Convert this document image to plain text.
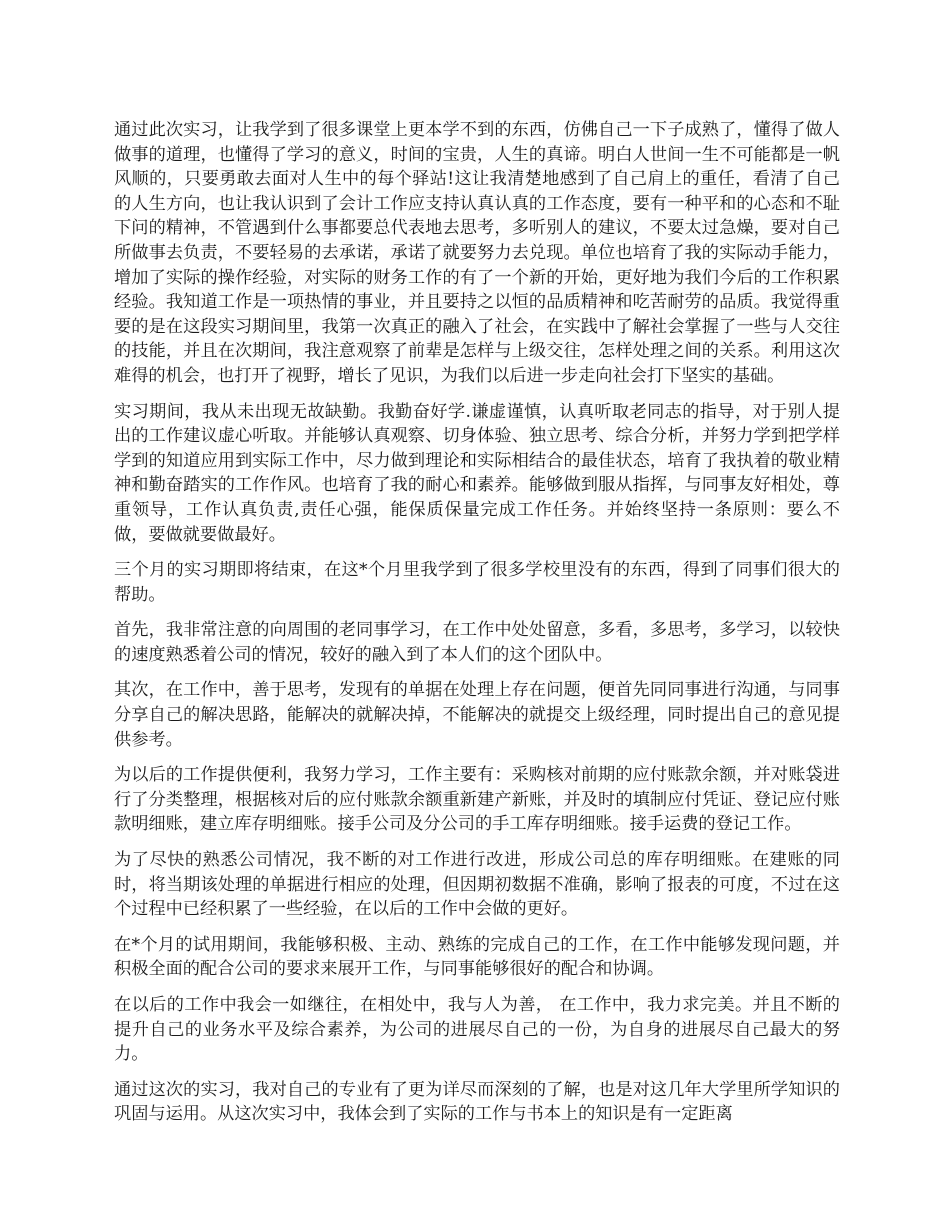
通过此次实习，让我学到了很多课堂上更本学不到的东西，仿佛自己一下子成熟了，懂得了做人做事的道理，也懂得了学习的意义，时间的宝贵，人生的真谛。明白人世间一生不可能都是一帆风顺的，只要勇敢去面对人生中的每个驿站!这让我清楚地感到了自己肩上的重任，看清了自己的人生方向，也让我认识到了会计工作应支持认真认真的工作态度，要有一种平和的心态和不耻下问的精神，不管遇到什么事都要总代表地去思考，多听别人的建议，不要太过急燥，要对自己所做事去负责，不要轻易的去承诺，承诺了就要努力去兑现。单位也培育了我的实际动手能力，增加了实际的操作经验，对实际的财务工作的有了一个新的开始，更好地为我们今后的工作积累经验。我知道工作是一项热情的事业，并且要持之以恒的品质精神和吃苦耐劳的品质。我觉得重要的是在这段实习期间里，我第一次真正的融入了社会，在实践中了解社会掌握了一些与人交往的技能，并且在次期间，我注意观察了前辈是怎样与上级交往，怎样处理之间的关系。利用这次难得的机会，也打开了视野，增长了见识，为我们以后进一步走向社会打下坚实的基础。

实习期间，我从未出现无故缺勤。我勤奋好学.谦虚谨慎，认真听取老同志的指导，对于别人提出的工作建议虚心听取。并能够认真观察、切身体验、独立思考、综合分析，并努力学到把学样学到的知道应用到实际工作中，尽力做到理论和实际相结合的最佳状态，培育了我执着的敬业精神和勤奋踏实的工作作风。也培育了我的耐心和素养。能够做到服从指挥，与同事友好相处，尊重领导，工作认真负责,责任心强，能保质保量完成工作任务。并始终坚持一条原则：要么不做，要做就要做最好。

三个月的实习期即将结束，在这*个月里我学到了很多学校里没有的东西，得到了同事们很大的帮助。

首先，我非常注意的向周围的老同事学习，在工作中处处留意，多看，多思考，多学习，以较快的速度熟悉着公司的情况，较好的融入到了本人们的这个团队中。

其次，在工作中，善于思考，发现有的单据在处理上存在问题，便首先同同事进行沟通，与同事分享自己的解决思路，能解决的就解决掉，不能解决的就提交上级经理，同时提出自己的意见提供参考。

为以后的工作提供便利，我努力学习，工作主要有：采购核对前期的应付账款余额，并对账袋进行了分类整理，根据核对后的应付账款余额重新建产新账，并及时的填制应付凭证、登记应付账款明细账，建立库存明细账。接手公司及分公司的手工库存明细账。接手运费的登记工作。

为了尽快的熟悉公司情况，我不断的对工作进行改进，形成公司总的库存明细账。在建账的同时，将当期该处理的单据进行相应的处理，但因期初数据不准确，影响了报表的可度，不过在这个过程中已经积累了一些经验，在以后的工作中会做的更好。

在*个月的试用期间，我能够积极、主动、熟练的完成自己的工作，在工作中能够发现问题，并积极全面的配合公司的要求来展开工作，与同事能够很好的配合和协调。

在以后的工作中我会一如继往，在相处中，我与人为善， 在工作中，我力求完美。并且不断的提升自己的业务水平及综合素养，为公司的进展尽自己的一份，为自身的进展尽自己最大的努力。

通过这次的实习，我对自己的专业有了更为详尽而深刻的了解，也是对这几年大学里所学知识的巩固与运用。从这次实习中，我体会到了实际的工作与书本上的知识是有一定距离
